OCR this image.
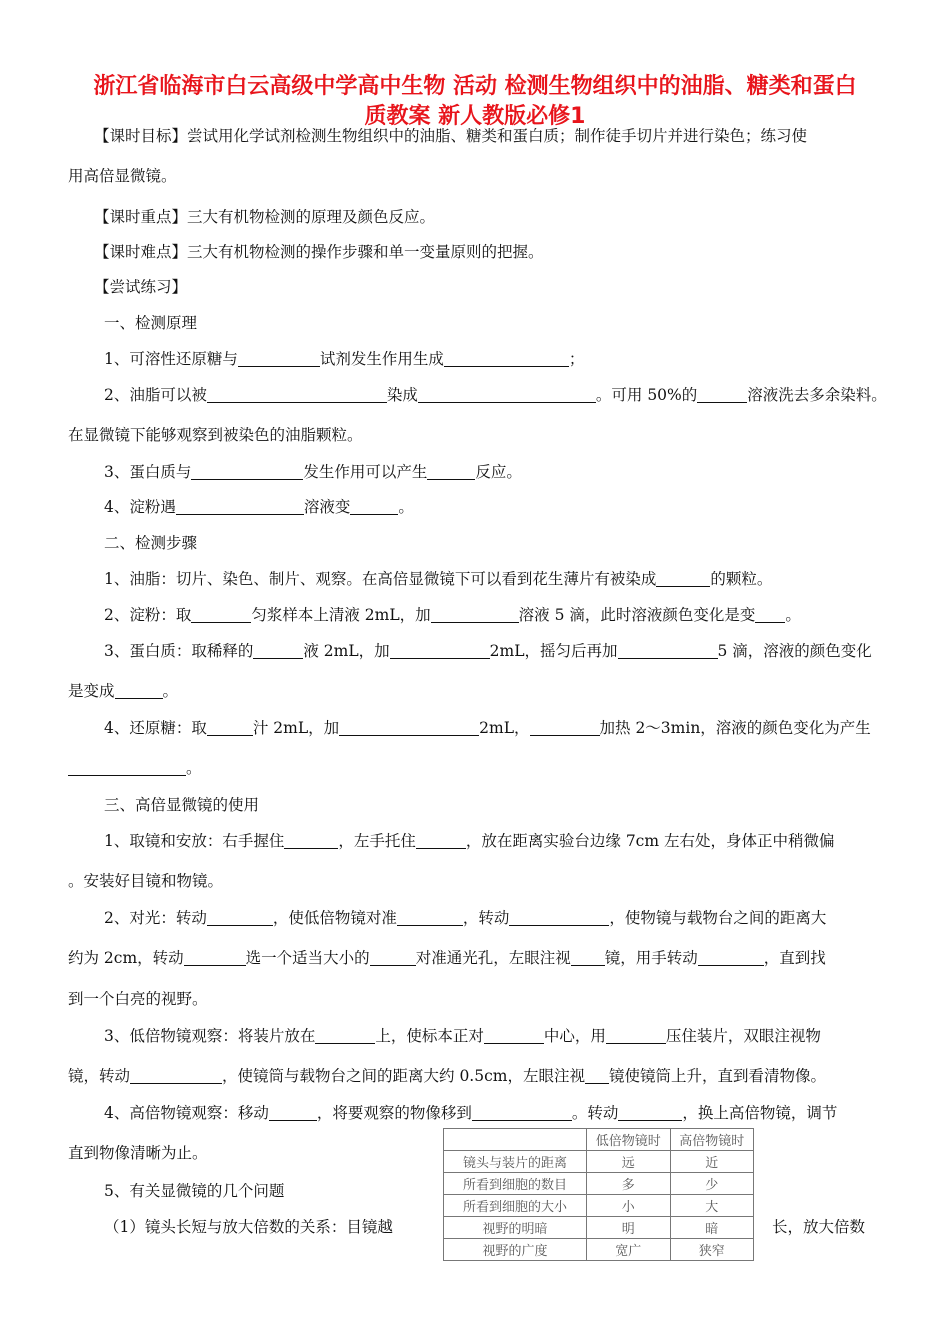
浙江省临海市白云高级中学高中生物 活动 检测生物组织中的油脂、糖类和蛋白
质教案 新人教版必修1
【课时目标】尝试用化学试剂检测生物组织中的油脂、糖类和蛋白质；制作徒手切片并进行染色；练习使
用高倍显微镜。
【课时重点】三大有机物检测的原理及颜色反应。
【课时难点】三大有机物检测的操作步骤和单一变量原则的把握。
【尝试练习】
一、检测原理
1、可溶性还原糖与	试剂发生作用生成	；
2、油脂可以被	染成	。可用 50%的	溶液洗去多余染料。
在显微镜下能够观察到被染色的油脂颗粒。
3、蛋白质与	发生作用可以产生	反应。
4、淀粉遇	溶液变	。
二、检测步骤
1、油脂：切片、染色、制片、观察。在高倍显微镜下可以看到花生薄片有被染成	的颗粒。
2、淀粉：取	匀浆样本上清液 2mL，加	溶液 5 滴，此时溶液颜色变化是变 。
3、蛋白质：取稀释的	液 2mL，加	2mL，摇匀后再加	5 滴，溶液的颜色变化
是变成	。
4、还原糖：取	汁 2mL，加	2mL，	加热 2～3min，溶液的颜色变化为产生
。
三、高倍显微镜的使用
1、取镜和安放：右手握住	，左手托住	，放在距离实验台边缘 7cm 左右处，身体正中稍微偏
。安装好目镜和物镜。
2、对光：转动	，使低倍物镜对准	，转动	，使物镜与载物台之间的距离大
约为 2cm，转动	选一个适当大小的	对准通光孔，左眼注视 镜，用手转动	，直到找
到一个白亮的视野。
3、低倍物镜观察：将装片放在	上，使标本正对	中心，用	压住装片，双眼注视物
镜，转动	，使镜筒与载物台之间的距离大约 0.5cm，左眼注视 镜使镜筒上升，直到看清物像。
4、高倍物镜观察：移动	，将要观察的物像移到	。转动	，换上高倍物镜，调节
直到物像清晰为止。
5、有关显微镜的几个问题
（1）镜头长短与放大倍数的关系：目镜越	长，放大倍数
	低倍物镜时	高倍物镜时
镜头与装片的距离	远	近
所看到细胞的数目	多	少
所看到细胞的大小	小	大
视野的明暗	明	暗
视野的广度	宽广	狭窄
